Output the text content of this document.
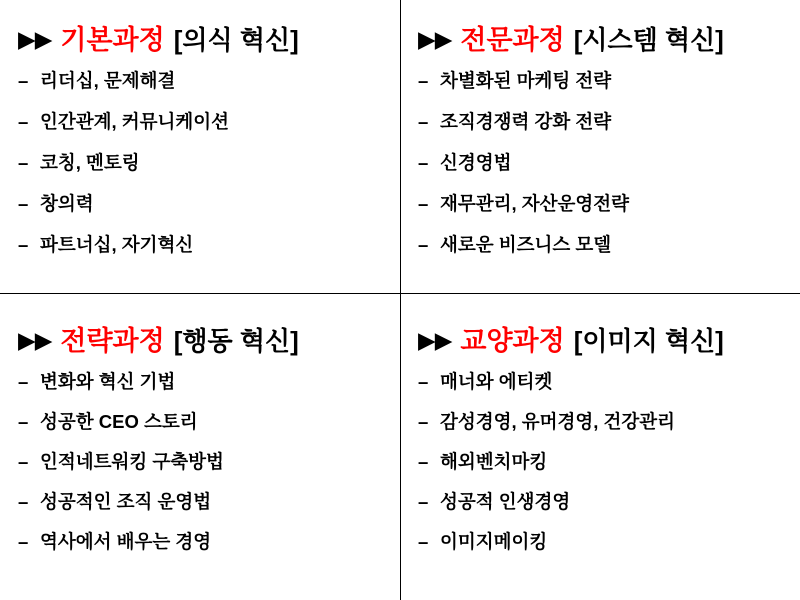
▶▶ 기본과정 [의식 혁신]
– 리더십, 문제해결
– 인간관계, 커뮤니케이션
– 코칭, 멘토링
– 창의력
– 파트너십, 자기혁신
▶▶ 전문과정 [시스템 혁신]
– 차별화된 마케팅 전략
– 조직경쟁력 강화 전략
– 신경영법
– 재무관리, 자산운영전략
– 새로운 비즈니스 모델
▶▶ 전략과정 [행동 혁신]
– 변화와 혁신 기법
– 성공한 CEO 스토리
– 인적네트워킹 구축방법
– 성공적인 조직 운영법
– 역사에서 배우는 경영
▶▶ 교양과정 [이미지 혁신]
– 매너와 에티켓
– 감성경영, 유머경영, 건강관리
– 해외벤치마킹
– 성공적 인생경영
– 이미지메이킹
